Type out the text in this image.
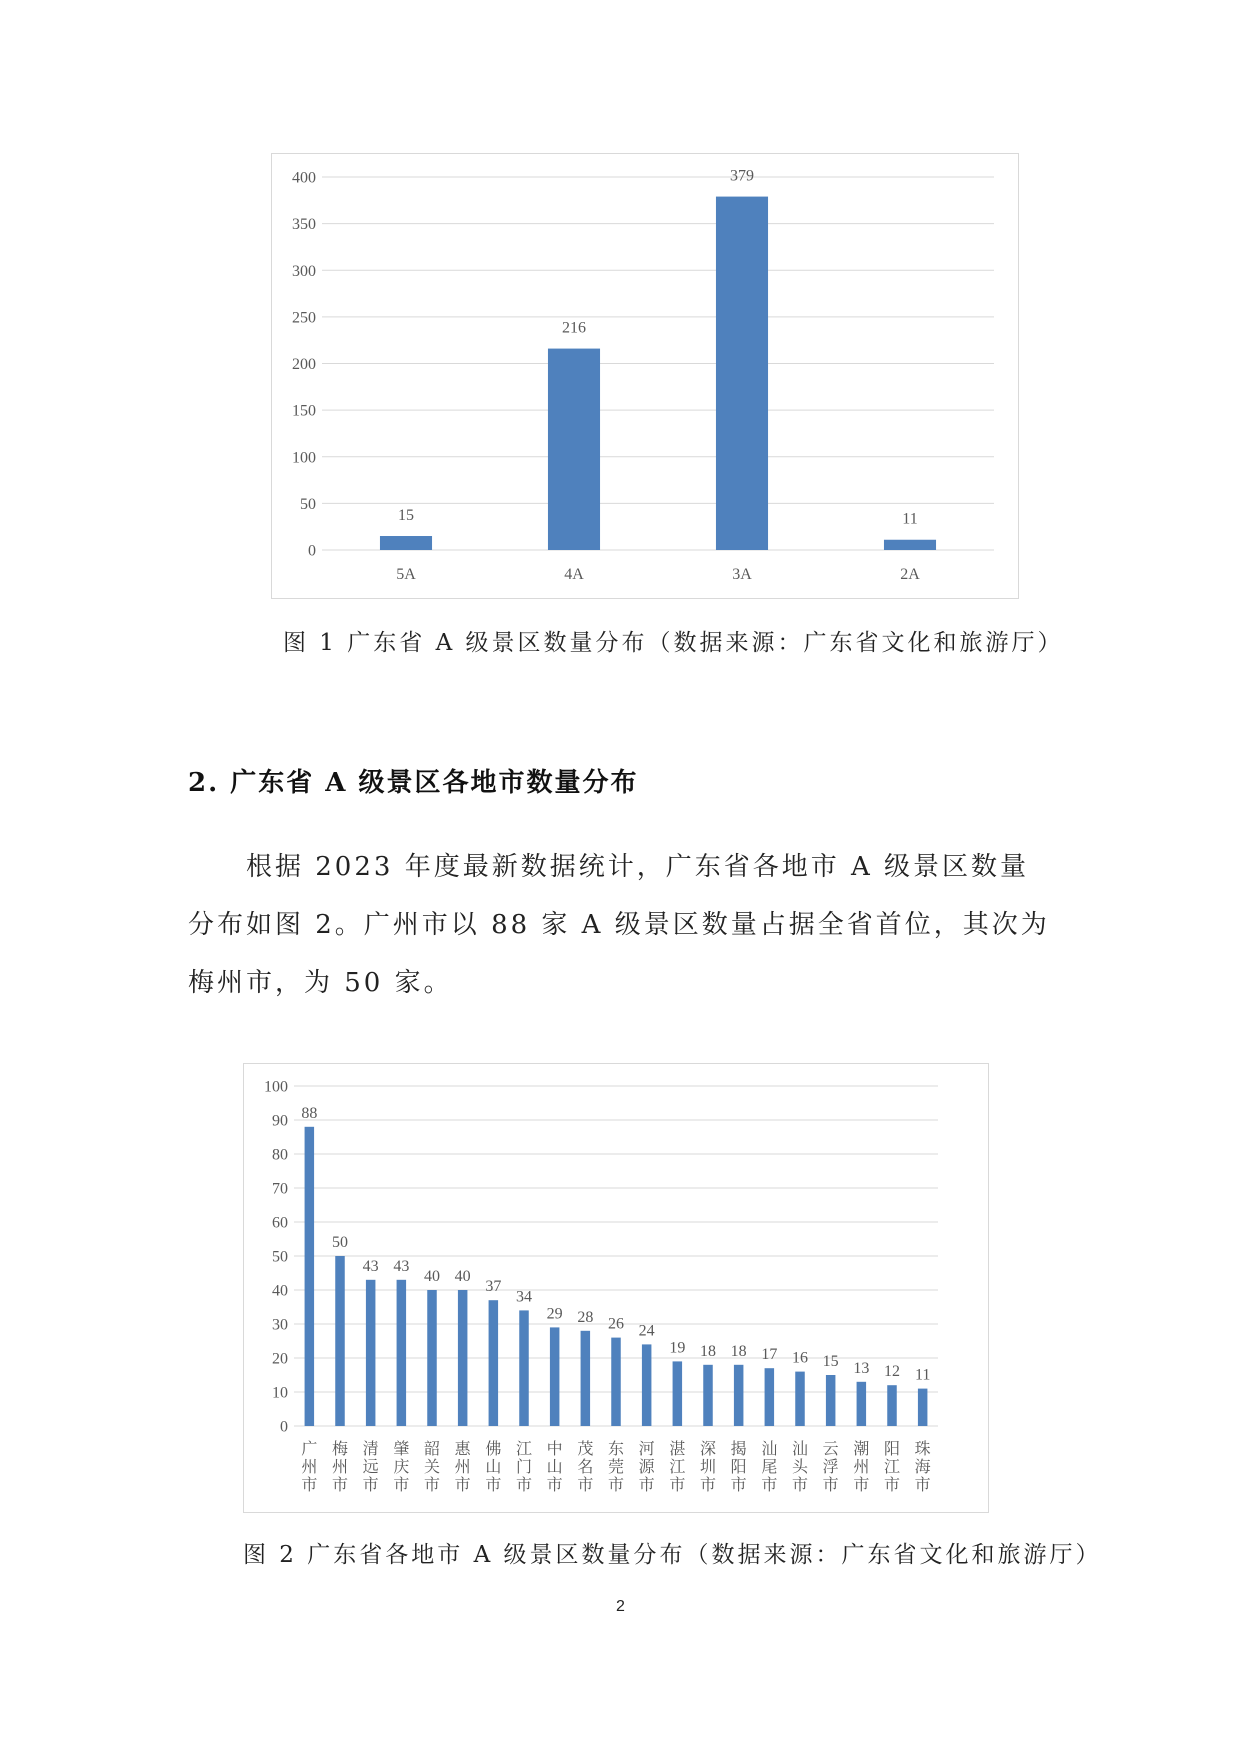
0
50
100
150
200
250
300
350
400
15
5A
216
4A
379
3A
11
2A
图 1 广东省 A 级景区数量分布（数据来源：广东省文化和旅游厅）
2. 广东省 A 级景区各地市数量分布

根据 2023 年度最新数据统计，广东省各地市 A 级景区数量分布如图 2。广州市以 88 家 A 级景区数量占据全省首位，其次为梅州市，为 50 家。

0
10
20
30
40
50
60
70
80
90
100
88
广州市
50
梅州市
43
清远市
43
肇庆市
40
韶关市
40
惠州市
37
佛山市
34
江门市
29
中山市
28
茂名市
26
东莞市
24
河源市
19
湛江市
18
深圳市
18
揭阳市
17
汕尾市
16
汕头市
15
云浮市
13
潮州市
12
阳江市
11
珠海市
图 2 广东省各地市 A 级景区数量分布（数据来源：广东省文化和旅游厅）
2
